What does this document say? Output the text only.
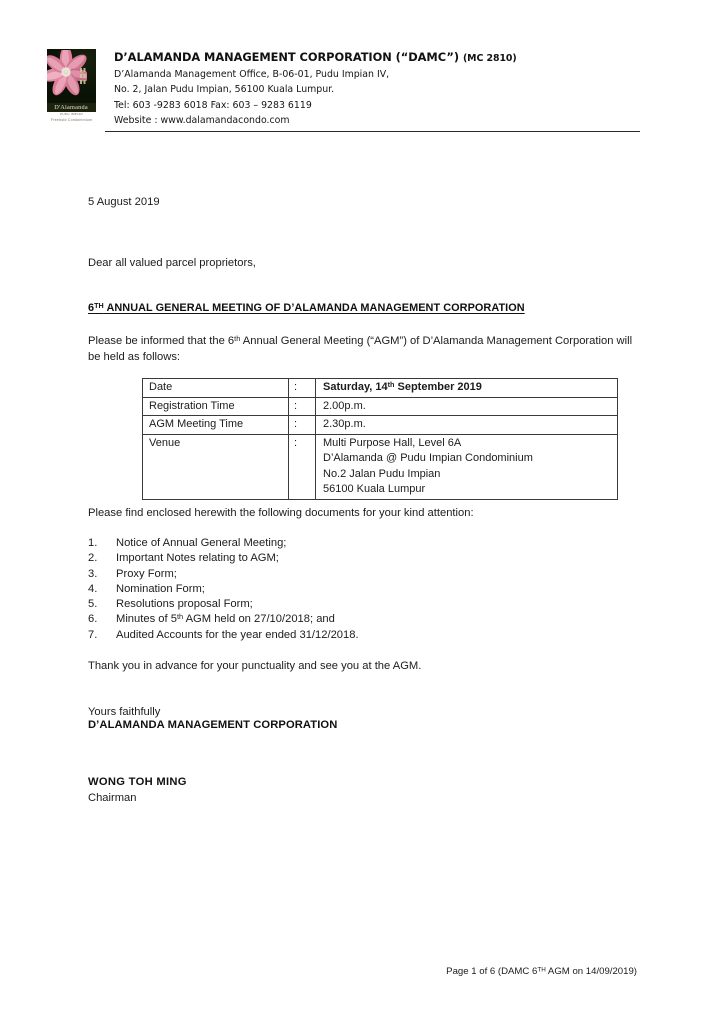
D'Alamanda
PUDU IMPIAN
Freehold Condominium
D’ALAMANDA MANAGEMENT CORPORATION (“DAMC”) (MC 2810)
D’Alamanda Management Office, B-06-01, Pudu Impian IV,
No. 2, Jalan Pudu Impian, 56100 Kuala Lumpur.
Tel: 603 -9283 6018 Fax: 603 – 9283 6119
Website : www.dalamandacondo.com
5 August 2019
Dear all valued parcel proprietors,
6TH ANNUAL GENERAL MEETING OF D’ALAMANDA MANAGEMENT CORPORATION
Please be informed that the 6th Annual General Meeting (“AGM”) of D’Alamanda Management Corporation will be held as follows:
Date	:	Saturday, 14th September 2019
Registration Time	:	2.00p.m.
AGM Meeting Time	:	2.30p.m.
Venue	:	Multi Purpose Hall, Level 6A
D’Alamanda @ Pudu Impian Condominium
No.2 Jalan Pudu Impian
56100 Kuala Lumpur
Please find enclosed herewith the following documents for your kind attention:
1.	Notice of Annual General Meeting;
2.	Important Notes relating to AGM;
3.	Proxy Form;
4.	Nomination Form;
5.	Resolutions proposal Form;
6.	Minutes of 5th AGM held on 27/10/2018; and
7.	Audited Accounts for the year ended 31/12/2018.
Thank you in advance for your punctuality and see you at the AGM.
Yours faithfully
D’ALAMANDA MANAGEMENT CORPORATION
WONG TOH MING
Chairman
Page 1 of 6 (DAMC 6TH AGM on 14/09/2019)
